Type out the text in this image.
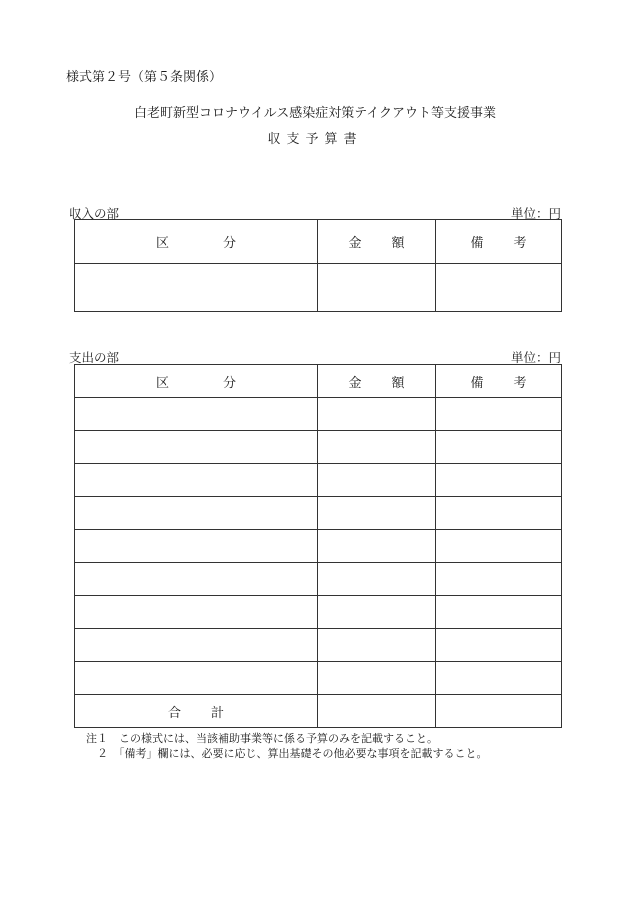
様式第２号（第５条関係）
白老町新型コロナウイルス感染症対策テイクアウト等支援事業
収支予算書
収入の部	単位：円
区 分	金 額	備 考

支出の部	単位：円
区 分	金 額	備 考

合 計		

注１　この様式には、当該補助事業等に係る予算のみを記載すること。
　２　「備考」欄には、必要に応じ、算出基礎その他必要な事項を記載すること。
